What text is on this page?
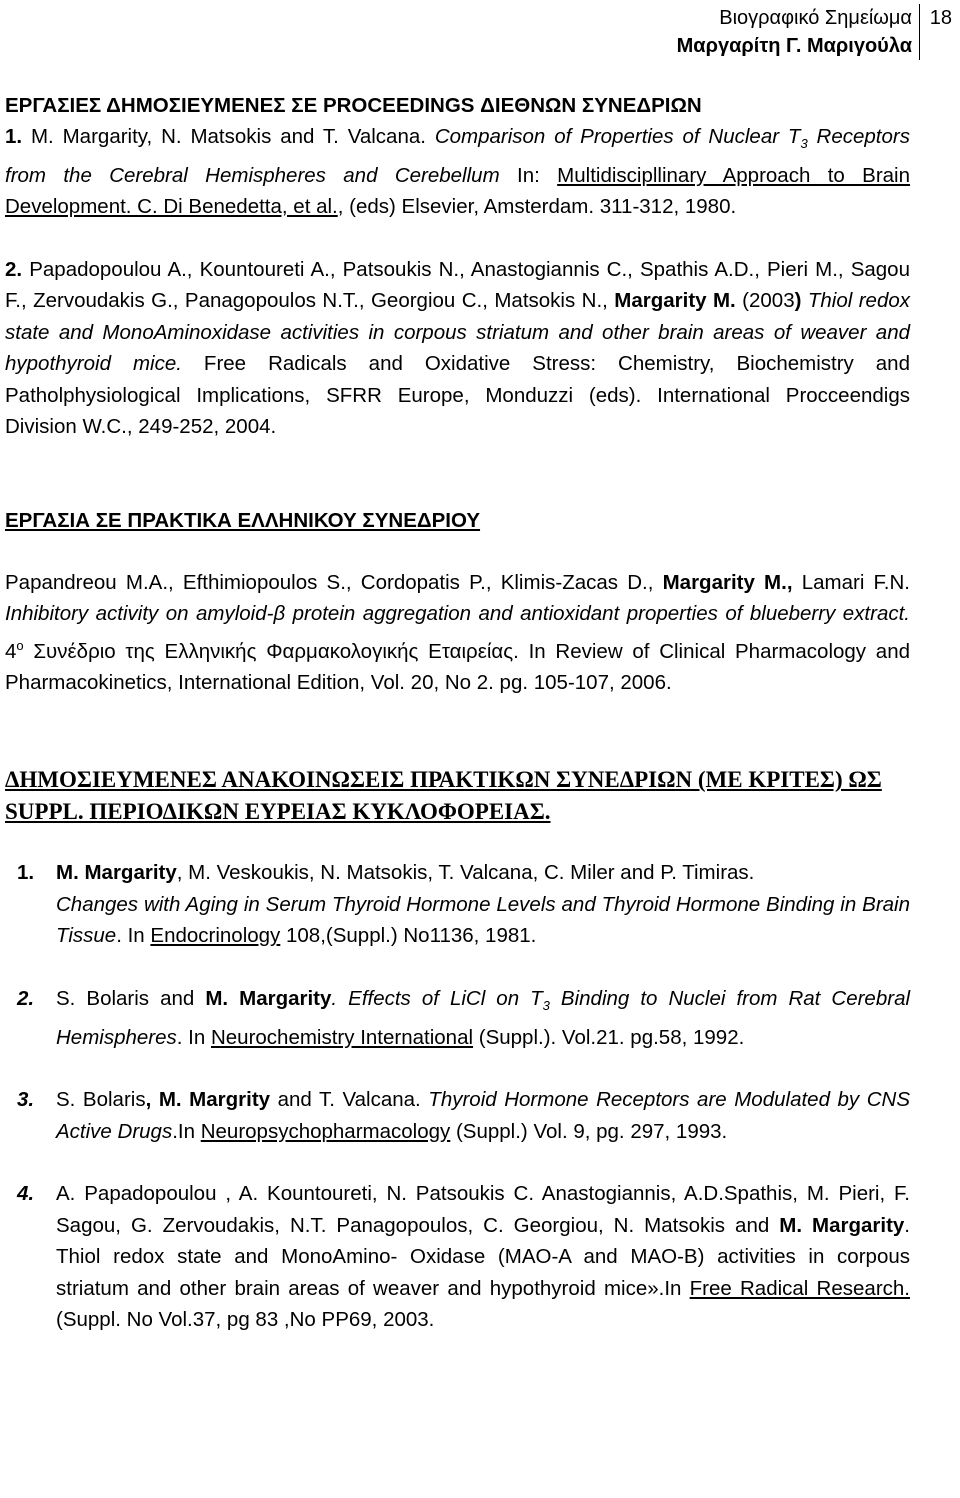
Βιογραφικό Σημείωμα
Μαργαρίτη Γ. Μαριγούλα
18

ΕΡΓΑΣΙΕΣ ΔΗΜΟΣΙΕΥΜΕΝΕΣ ΣΕ PROCEEDINGS ΔΙΕΘΝΩΝ ΣΥΝΕΔΡΙΩΝ

1. M. Margarity, N. Matsokis and T. Valcana. Comparison of Properties of Nuclear $T_3$ Receptors from the Cerebral Hemispheres and Cerebellum In: Multidiscipllinary Approach to Brain Development. C. Di Benedetta, et al., (eds) Elsevier, Amsterdam. 311-312, 1980.

2. Papadopoulou A., Kountoureti A., Patsoukis N., Anastogiannis C., Spathis A.D., Pieri M., Sagou F., Zervoudakis G., Panagopoulos N.T., Georgiou C., Matsokis N., Margarity M. (2003) Thiol redox state and MonoAminoxidase activities in corpous striatum and other brain areas of weaver and hypothyroid mice. Free Radicals and Oxidative Stress: Chemistry, Biochemistry and Patholphysiological Implications, SFRR Europe, Monduzzi (eds). International Procceendigs Division W.C., 249-252, 2004.

ΕΡΓΑΣΙΑ ΣΕ ΠΡΑΚΤΙΚΑ ΕΛΛΗΝΙΚΟΥ ΣΥΝΕΔΡΙΟΥ

Papandreou M.A., Efthimiopoulos S., Cordopatis P., Klimis-Zacas D., Margarity M., Lamari F.N. Inhibitory activity on amyloid-β protein aggregation and antioxidant properties of blueberry extract. $4^o$ Συνέδριο της Ελληνικής Φαρμακολογικής Εταιρείας. In Review of Clinical Pharmacology and Pharmacokinetics, International Edition, Vol. 20, No 2. pg. 105-107, 2006.

ΔΗΜΟΣΙΕΥΜΕΝΕΣ ΑΝΑΚΟΙΝΩΣΕΙΣ ΠΡΑΚΤΙΚΩΝ ΣΥΝΕΔΡΙΩΝ (ΜΕ ΚΡΙΤΕΣ) ΩΣ SUPPL. ΠΕΡΙΟΔΙΚΩΝ ΕΥΡΕΙΑΣ ΚΥΚΛΟΦΟΡΕΙΑΣ.

1.	M. Margarity, M. Veskoukis, N. Matsokis, T. Valcana, C. Miler and P. Timiras.
Changes with Aging in Serum Thyroid Hormone Levels and Thyroid Hormone Binding in Brain Tissue. In Endocrinology 108,(Suppl.) No1136, 1981.
2.	S. Bolaris and M. Margarity. Effects of LiCl on $T_3$ Binding to Nuclei from Rat Cerebral Hemispheres. In Neurochemistry International (Suppl.). Vol.21. pg.58, 1992.
3.	S. Bolaris, M. Margrity and T. Valcana. Thyroid Hormone Receptors are Modulated by CNS Active Drugs.In Neuropsychopharmacology (Suppl.) Vol. 9, pg. 297, 1993.
4.	A. Papadopoulou , A. Kountoureti, N. Patsoukis C. Anastogiannis, A.D.Spathis, M. Pieri, F. Sagou, G. Zervoudakis, N.T. Panagopoulos, C. Georgiou, N. Matsokis and M. Margarity. Thiol redox state and MonoAmino- Oxidase (MAO-A and MAO-B) activities in corpous striatum and other brain areas of weaver and hypothyroid mice».In Free Radical Research. (Suppl. No Vol.37, pg 83 ,No PP69, 2003.
